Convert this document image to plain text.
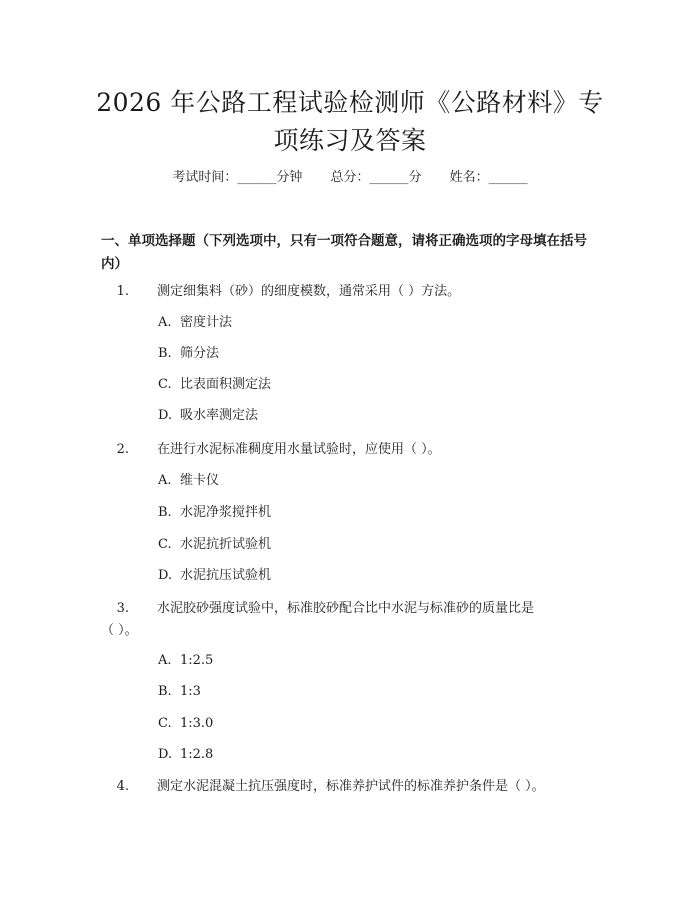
2026 年公路工程试验检测师《公路材料》专
项练习及答案
考试时间：______分钟 总分：______分 姓名：______
一、单项选择题（下列选项中，只有一项符合题意，请将正确选项的字母填在括号内）
1. 测定细集料（砂）的细度模数，通常采用（ ）方法。
A. 密度计法
B. 筛分法
C. 比表面积测定法
D. 吸水率测定法
2. 在进行水泥标准稠度用水量试验时，应使用（ ）。
A. 维卡仪
B. 水泥净浆搅拌机
C. 水泥抗折试验机
D. 水泥抗压试验机
3. 水泥胶砂强度试验中，标准胶砂配合比中水泥与标准砂的质量比是
（ ）。
A. 1:2.5
B. 1:3
C. 1:3.0
D. 1:2.8
4. 测定水泥混凝土抗压强度时，标准养护试件的标准养护条件是（ ）。
